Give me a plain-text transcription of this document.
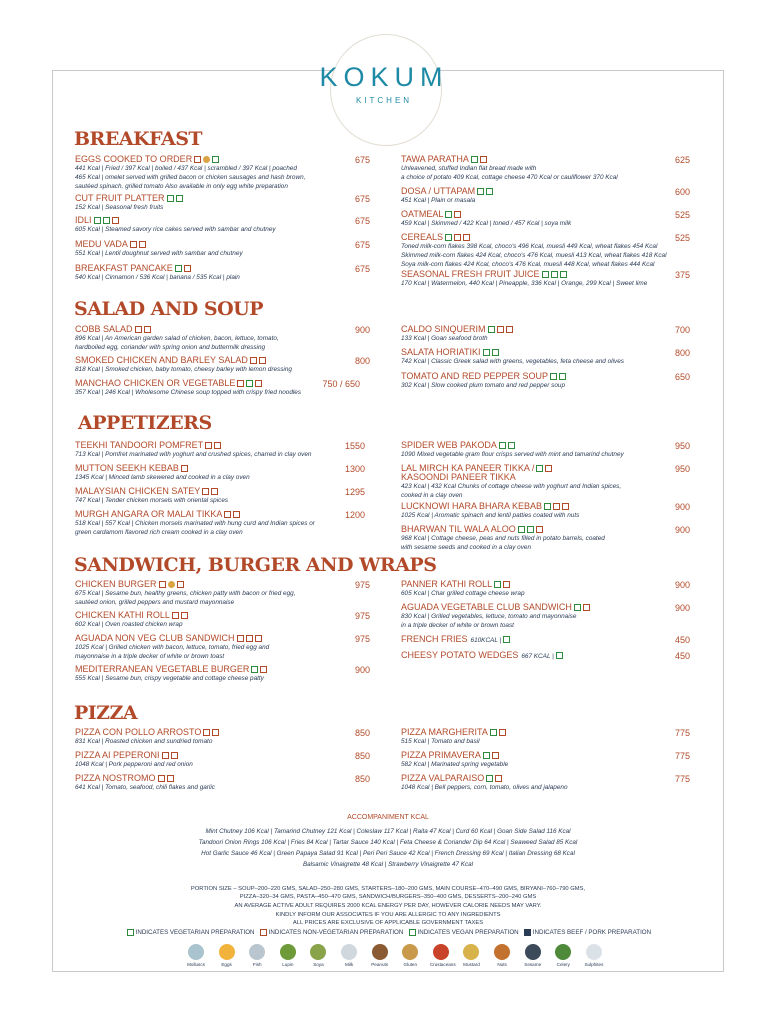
KOKUM
KITCHEN
BREAKFAST
SALAD AND SOUP
APPETIZERS
SANDWICH, BURGER AND WRAPS
PIZZA
EGGS COOKED TO ORDER
441 Kcal | Fried / 397 Kcal | boiled / 437 Kcal | scrambled / 397 Kcal | poached
465 Kcal | omelet served with grilled bacon or chicken sausages and hash brown,
sautéed spinach, grilled tomato Also available in only egg white preparation
675
CUT FRUIT PLATTER
152 Kcal | Seasonal fresh fruits
675
IDLI
605 Kcal | Steamed savory rice cakes served with sambar and chutney
675
MEDU VADA
551 Kcal | Lentil doughnut served with sambar and chutney
675
BREAKFAST PANCAKE
540 Kcal | Cinnamon / 536 Kcal | banana / 535 Kcal | plain
675
TAWA PARATHA
Unleavened, stuffed Indian flat bread made with
a choice of potato 409 Kcal, cottage cheese 470 Kcal or cauliflower 370 Kcal
625
DOSA / UTTAPAM
451 Kcal | Plain or masala
600
OATMEAL
459 Kcal | Skimmed / 422 Kcal | toned / 457 Kcal | soya milk
525
CEREALS
Toned milk-corn flakes 398 Kcal, choco's 496 Kcal, muesli 449 Kcal, wheat flakes 454 Kcal
Skimmed milk-corn flakes 424 Kcal, choco's 476 Kcal, muesli 413 Kcal, wheat flakes 418 Kcal
Soya milk-corn flakes 424 Kcal, choco's 476 Kcal, muesli 448 Kcal, wheat flakes 444 Kcal
525
SEASONAL FRESH FRUIT JUICE
170 Kcal | Watermelon, 440 Kcal | Pineapple, 336 Kcal | Orange, 299 Kcal | Sweet lime
375
COBB SALAD
896 Kcal | An American garden salad of chicken, bacon, lettuce, tomato,
hardboiled egg, coriander with spring onion and buttermilk dressing
900
SMOKED CHICKEN AND BARLEY SALAD
818 Kcal | Smoked chicken, baby tomato, cheesy barley with lemon dressing
800
MANCHAO CHICKEN OR VEGETABLE
357 Kcal | 246 Kcal | Wholesome Chinese soup topped with crispy fried noodles
750 / 650
CALDO SINQUERIM
133 Kcal | Goan seafood broth
700
SALATA HORIATIKI
742 Kcal | Classic Greek salad with greens, vegetables, feta cheese and olives
800
TOMATO AND RED PEPPER SOUP
302 Kcal | Slow cooked plum tomato and red pepper soup
650
TEEKHI TANDOORI POMFRET
713 Kcal | Pomfret marinated with yoghurt and crushed spices, charred in clay oven
1550
MUTTON SEEKH KEBAB
1345 Kcal | Minced lamb skewered and cooked in a clay oven
1300
MALAYSIAN CHICKEN SATEY
747 Kcal | Tender chicken morsels with oriental spices
1295
MURGH ANGARA OR MALAI TIKKA
518 Kcal | 557 Kcal | Chicken morsels marinated with hung curd and Indian spices or
green cardamom flavored rich cream cooked in a clay oven
1200
SPIDER WEB PAKODA
1090 Mixed vegetable gram flour crisps served with mint and tamarind chutney
950
LAL MIRCH KA PANEER TIKKA /
KASOONDI PANEER TIKKA
423 Kcal | 432 Kcal Chunks of cottage cheese with yoghurt and Indian spices,
cooked in a clay oven
950
LUCKNOWI HARA BHARA KEBAB
1025 Kcal | Aromatic spinach and lentil patties coated with nuts
900
BHARWAN TIL WALA ALOO
968 Kcal | Cottage cheese, peas and nuts filled in potato barrels, coated
with sesame seeds and cooked in a clay oven
900
CHICKEN BURGER
675 Kcal | Sesame bun, healthy greens, chicken patty with bacon or fried egg,
sautéed onion, grilled peppers and mustard mayonnaise
975
CHICKEN KATHI ROLL
602 Kcal | Oven roasted chicken wrap
975
AGUADA NON VEG CLUB SANDWICH
1025 Kcal | Grilled chicken with bacon, lettuce, tomato, fried egg and
mayonnaise in a triple decker of white or brown toast
975
MEDITERRANEAN VEGETABLE BURGER
555 Kcal | Sesame bun, crispy vegetable and cottage cheese patty
900
PANNER KATHI ROLL
605 Kcal | Char grilled cottage cheese wrap
900
AGUADA VEGETABLE CLUB SANDWICH
830 Kcal | Grilled vegetables, lettuce, tomato and mayonnaise
in a triple decker of white or brown toast
900
FRENCH FRIES 610KCAL |	450
CHEESY POTATO WEDGES 667 KCAL |	450
PIZZA CON POLLO ARROSTO
831 Kcal | Roasted chicken and sundried tomato
850
PIZZA AI PEPERONI
1048 Kcal | Pork pepperoni and red onion
850
PIZZA NOSTROMO
641 Kcal | Tomato, seafood, chili flakes and garlic
850
PIZZA MARGHERITA
515 Kcal | Tomato and basil
775
PIZZA PRIMAVERA
582 Kcal | Marinated spring vegetable
775
PIZZA VALPARAISO
1048 Kcal | Bell peppers, corn, tomato, olives and jalapeno
775
ACCOMPANIMENT KCAL
Mint Chutney 106 Kcal | Tamarind Chutney 121 Kcal | Coleslaw 117 Kcal | Raita 47 Kcal | Curd 60 Kcal | Goan Side Salad 116 Kcal
Tandoori Onion Rings 106 Kcal | Fries 84 Kcal | Tartar Sauce 140 Kcal | Feta Cheese & Coriander Dip 64 Kcal | Seaweed Salad 85 Kcal
Hot Garlic Sauce 46 Kcal | Green Papaya Salad 91 Kcal | Peri Peri Sauce 42 Kcal | French Dressing 69 Kcal | Italian Dressing 68 Kcal
Balsamic Vinaigrette 48 Kcal | Strawberry Vinaigrette 47 Kcal
PORTION SIZE – SOUP–200–220 GMS, SALAD–250–280 GMS, STARTERS–180–200 GMS, MAIN COURSE–470–490 GMS, BIRYANI–760–790 GMS,
PIZZA–320–34 GMS, PASTA–450–470 GMS, SANDWICH/BURGERS–350–400 GMS, DESSERTS–200–240 GMS
AN AVERAGE ACTIVE ADULT REQUIRES 2000 KCAL ENERGY PER DAY, HOWEVER CALORIE NEEDS MAY VARY.
KINDLY INFORM OUR ASSOCIATES IF YOU ARE ALLERGIC TO ANY INGREDIENTS
ALL PRICES ARE EXCLUSIVE OF APPLICABLE GOVERNMENT TAXES
INDICATES VEGETARIAN PREPARATION INDICATES NON-VEGETARIAN PREPARATION INDICATES VEGAN PREPARATION INDICATES BEEF / PORK PREPARATION
Molluscs	Eggs	Fish	Lupin	Soya	Milk	Peanuts	Gluten	Crustaceans	Mustard	Nuts	Sesame	Celery	Sulphites
